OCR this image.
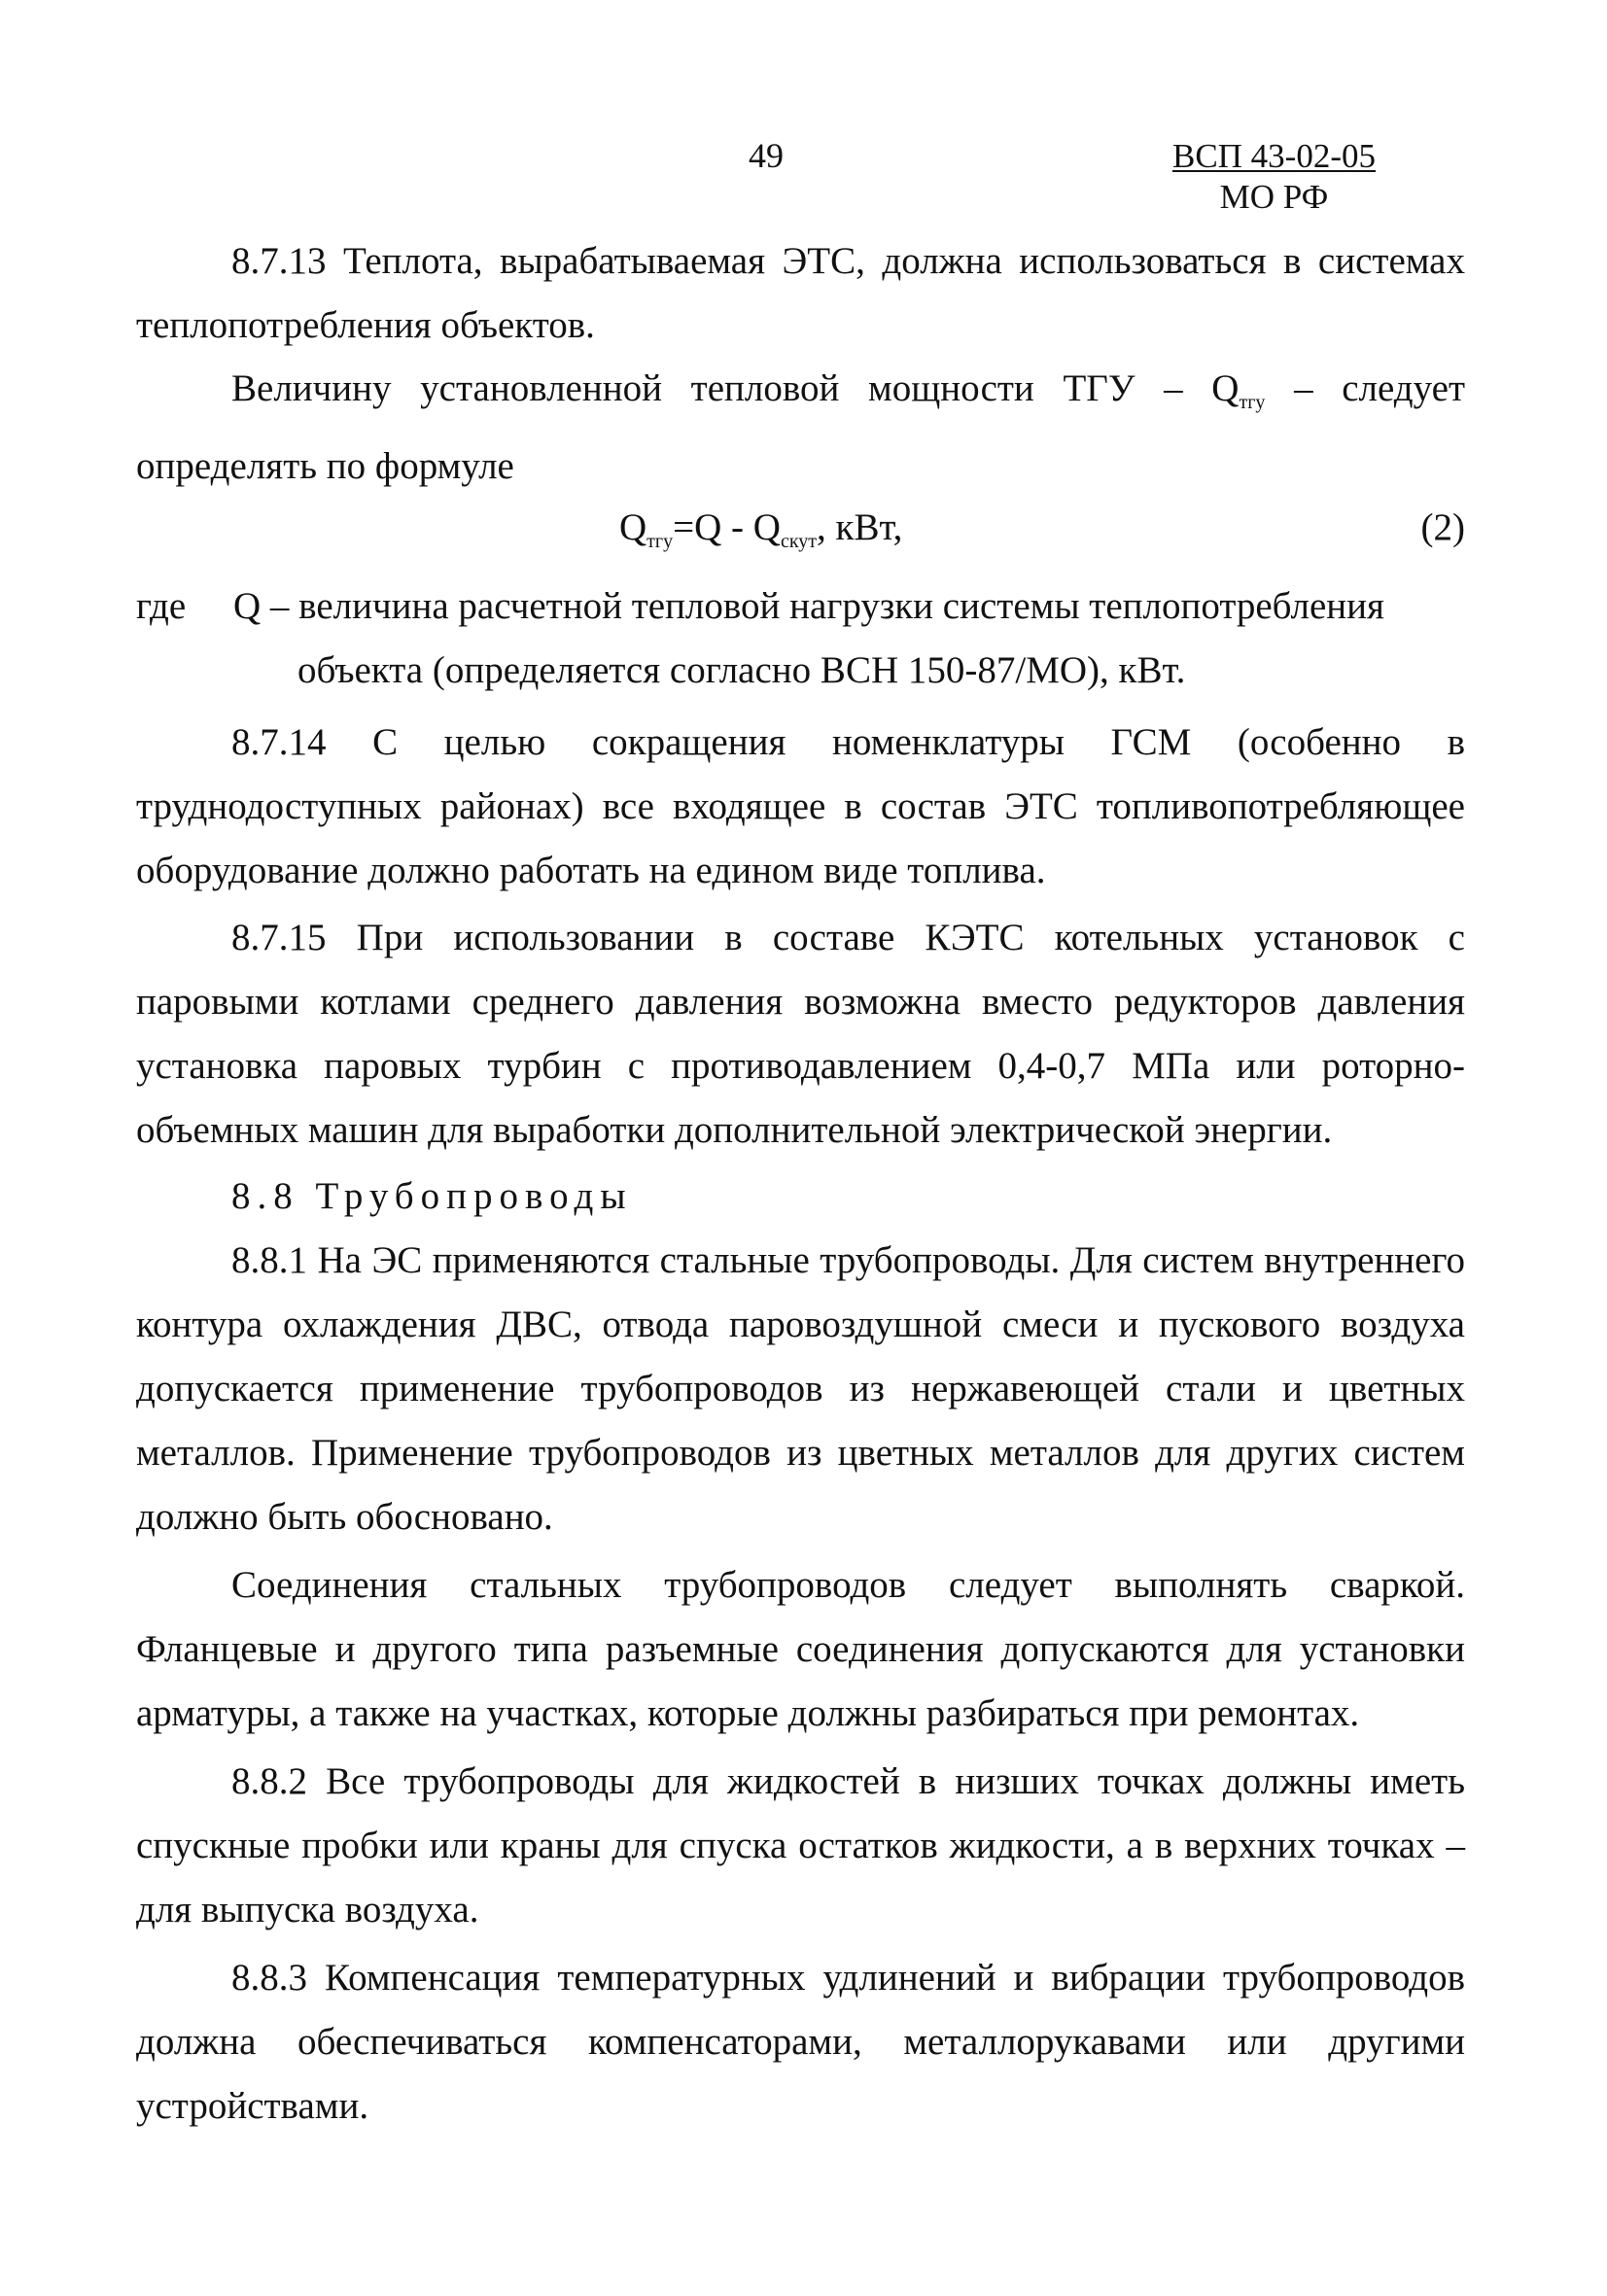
49	ВСП 43-02-05
МО РФ

8.7.13 Теплота, вырабатываемая ЭТС, должна использоваться в системах теплопотребления объектов.

Величину установленной тепловой мощности ТГУ – $Q_{тгу}$ – следует определять по формуле

$Q_{тгу}=Q - Q_{скут}$, кВт,	(2)
где Q – величина расчетной тепловой нагрузки системы теплопотребления
объекта (определяется согласно ВСН 150-87/МО), кВт.

8.7.14 С целью сокращения номенклатуры ГСМ (особенно в труднодоступных районах) все входящее в состав ЭТС топливопотребляющее оборудование должно работать на едином виде топлива.

8.7.15 При использовании в составе КЭТС котельных установок с паровыми котлами среднего давления возможна вместо редукторов давления установка паровых турбин с противодавлением 0,4-0,7 МПа или роторно-объемных машин для выработки дополнительной электрической энергии.

8.8 Трубопроводы

8.8.1 На ЭС применяются стальные трубопроводы. Для систем внутреннего контура охлаждения ДВС, отвода паровоздушной смеси и пускового воздуха допускается применение трубопроводов из нержавеющей стали и цветных металлов. Применение трубопроводов из цветных металлов для других систем должно быть обосновано.

Соединения стальных трубопроводов следует выполнять сваркой. Фланцевые и другого типа разъемные соединения допускаются для установки арматуры, а также на участках, которые должны разбираться при ремонтах.

8.8.2 Все трубопроводы для жидкостей в низших точках должны иметь спускные пробки или краны для спуска остатков жидкости, а в верхних точках – для выпуска воздуха.

8.8.3 Компенсация температурных удлинений и вибрации трубопроводов должна обеспечиваться компенсаторами, металлорукавами или другими устройствами.
